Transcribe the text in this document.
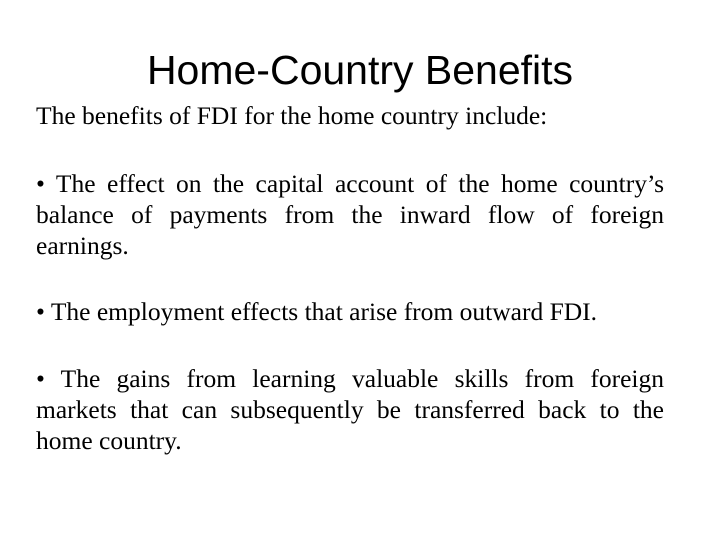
Home-Country Benefits

The benefits of FDI for the home country include:

• The effect on the capital account of the home country’s balance of payments from the inward flow of foreign earnings.

• The employment effects that arise from outward FDI.

• The gains from learning valuable skills from foreign markets that can subsequently be transferred back to the home country.
